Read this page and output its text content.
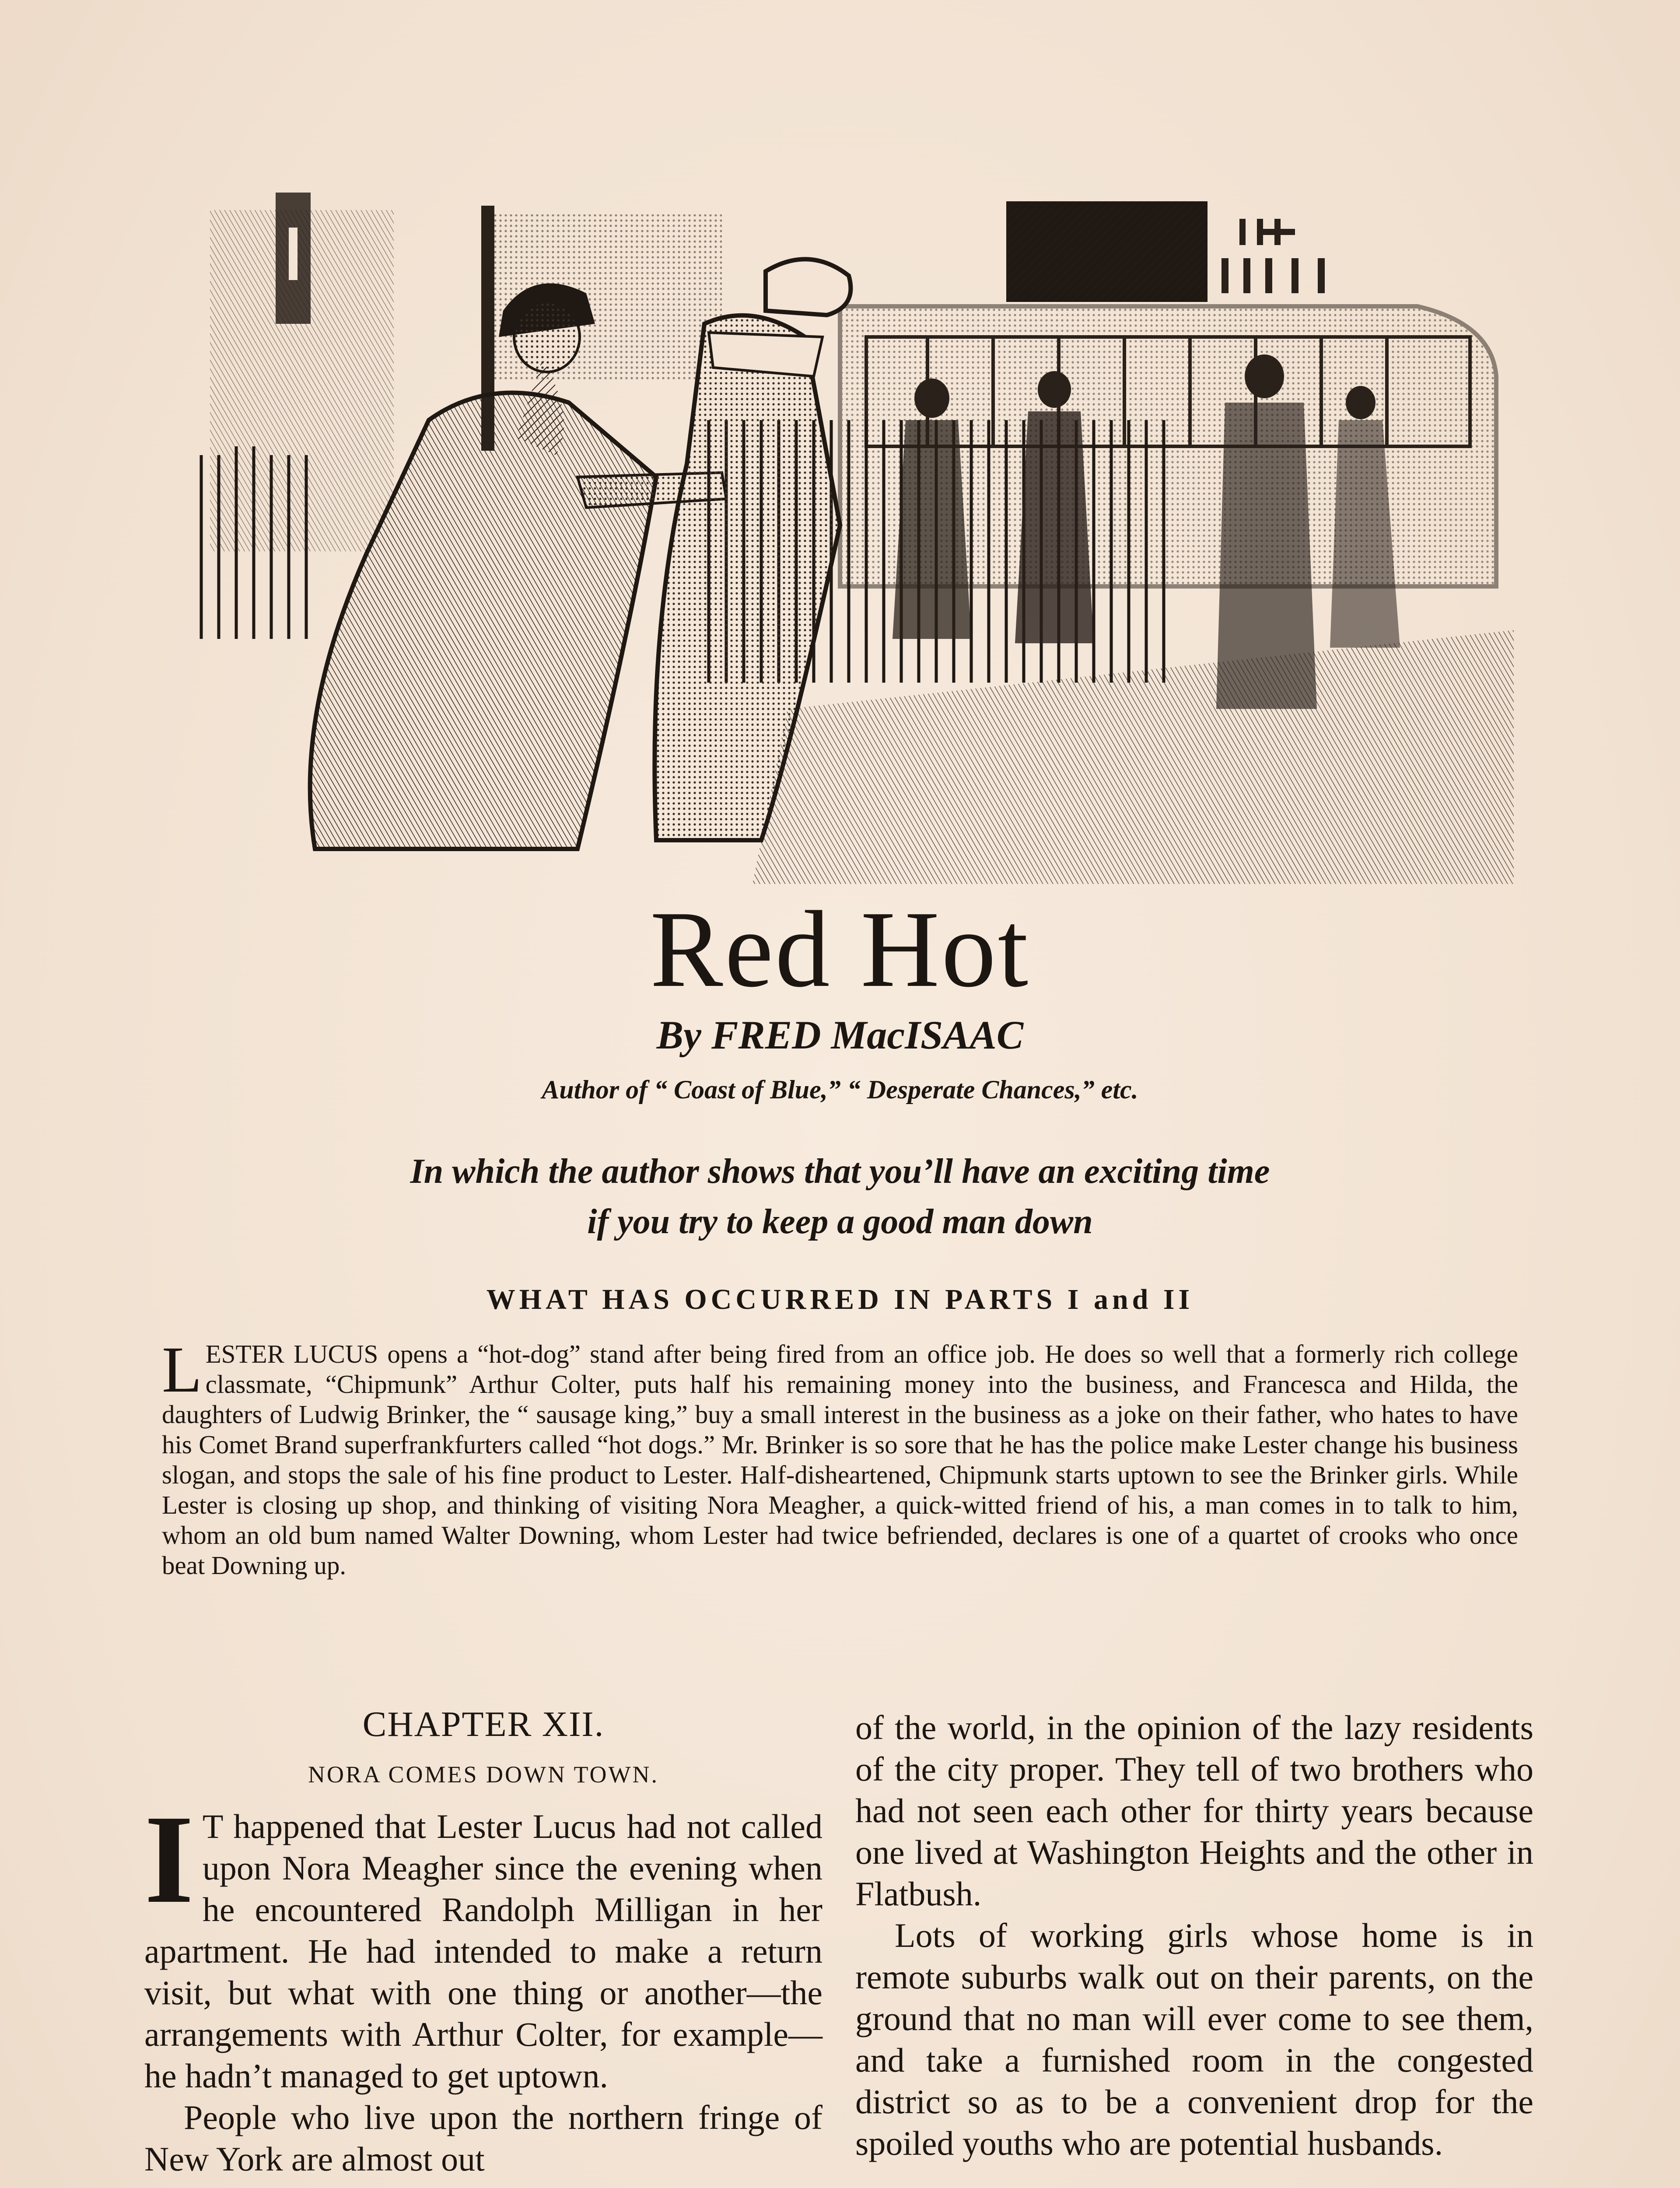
Red Hot
By FRED MacISAAC
Author of “ Coast of Blue,” “ Desperate Chances,” etc.
In which the author shows that you’ll have an exciting time
if you try to keep a good man down
WHAT HAS OCCURRED IN PARTS I and II
L ESTER LUCUS opens a “hot-dog” stand after being fired from an office job. He does so well that a formerly rich college classmate, “Chipmunk” Arthur Colter, puts half his remaining money into the business, and Francesca and Hilda, the daughters of Ludwig Brinker, the “ sausage king,” buy a small interest in the business as a joke on their father, who hates to have his Comet Brand superfrankfurters called “hot dogs.” Mr. Brinker is so sore that he has the police make Lester change his business slogan, and stops the sale of his fine product to Lester. Half-disheartened, Chipmunk starts uptown to see the Brinker girls. While Lester is closing up shop, and thinking of visiting Nora Meagher, a quick-witted friend of his, a man comes in to talk to him, whom an old bum named Walter Downing, whom Lester had twice befriended, declares is one of a quartet of crooks who once beat Downing up.

CHAPTER XII.

NORA COMES DOWN TOWN.

I T happened that Lester Lucus had not called upon Nora Meagher since the evening when he encountered Randolph Milligan in her apartment. He had intended to make a return visit, but what with one thing or another—the arrangements with Arthur Colter, for example—he hadn’t managed to get uptown.

People who live upon the northern fringe of New York are almost out

of the world, in the opinion of the lazy residents of the city proper. They tell of two brothers who had not seen each other for thirty years because one lived at Washington Heights and the other in Flatbush.

Lots of working girls whose home is in remote suburbs walk out on their parents, on the ground that no man will ever come to see them, and take a furnished room in the congested district so as to be a convenient drop for the spoiled youths who are potential husbands.
